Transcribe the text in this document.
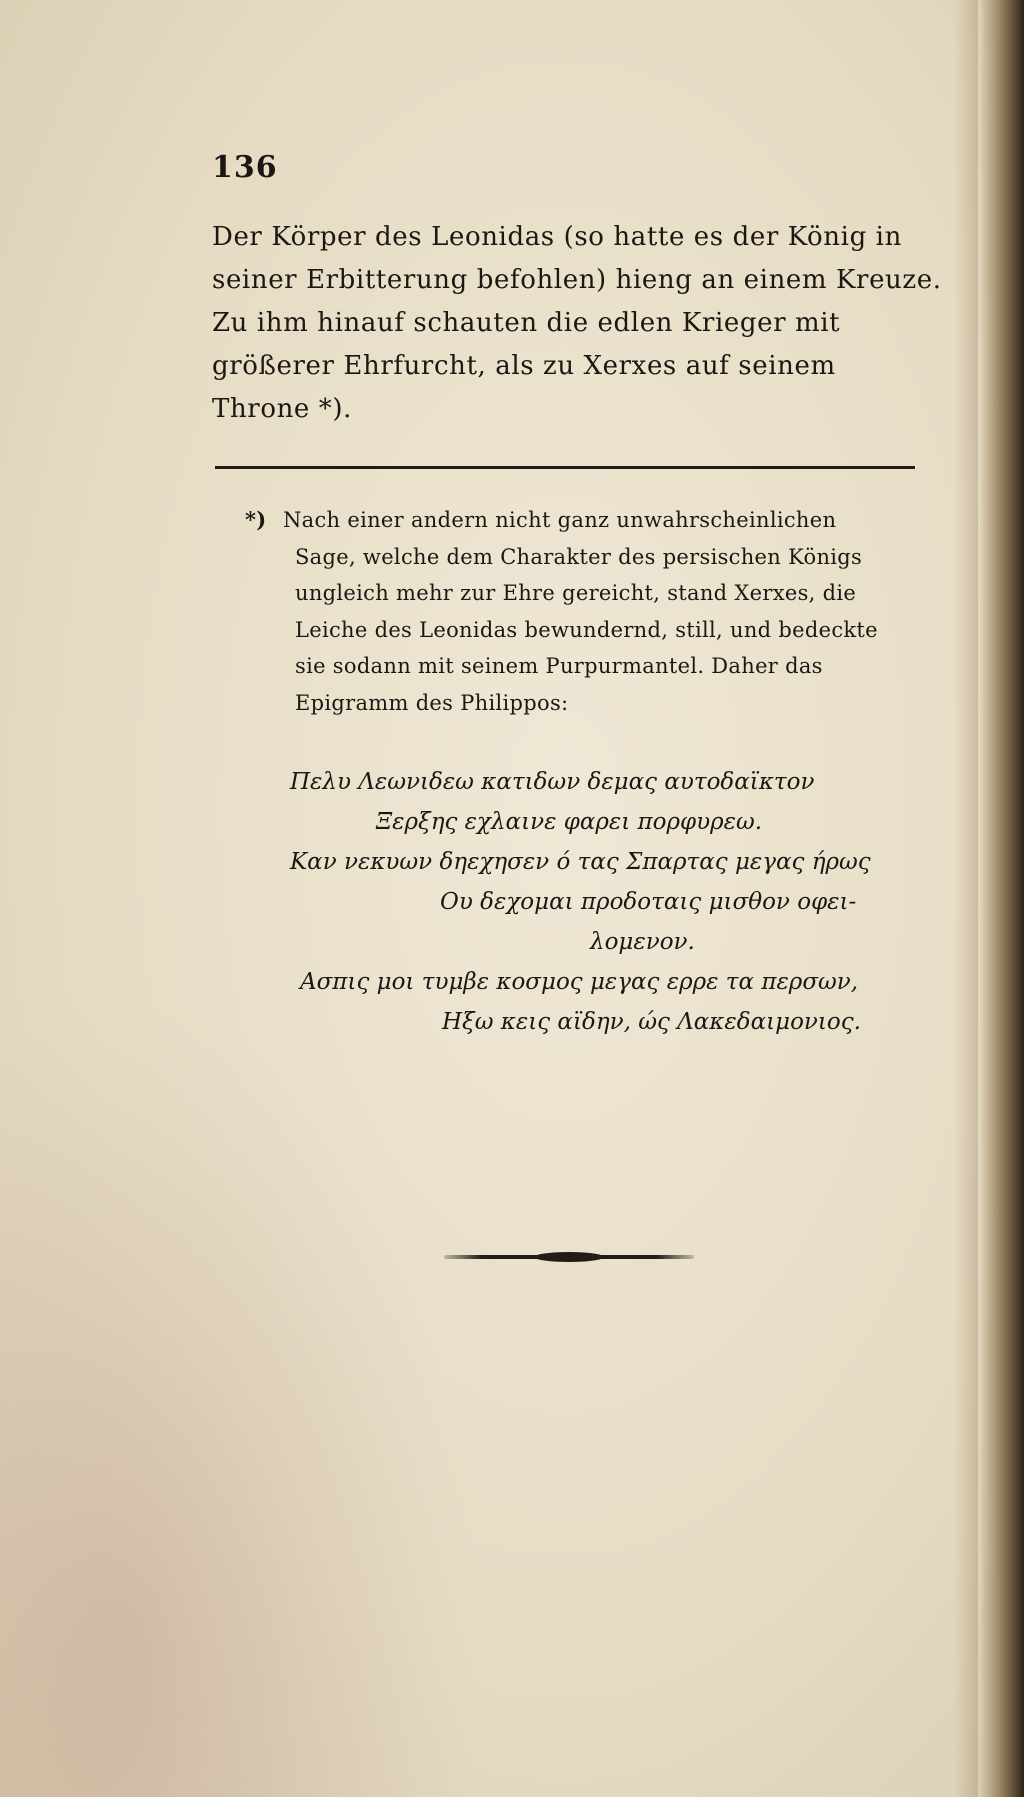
136

Der Körper des Leonidas (so hatte es der König in
seiner Erbitterung befohlen) hieng an einem Kreuze.
Zu ihm hinauf schauten die edlen Krieger mit
größerer Ehrfurcht, als zu Xerxes auf seinem
Throne *).

*) Nach einer andern nicht ganz unwahrscheinlichen
Sage, welche dem Charakter des persischen Königs
ungleich mehr zur Ehre gereicht, stand Xerxes, die
Leiche des Leonidas bewundernd, still, und bedeckte
sie sodann mit seinem Purpurmantel. Daher das
Epigramm des Philippos:

Πελυ Λεωνιδεω κατιδων δεμας αυτοδαϊκτον
Ξερξης εχλαινε φαρει πορφυρεω.
Καν νεκυων δηεχησεν ό τας Σπαρτας μεγας ήρως
Ου δεχομαι προδοταις μισθον οφει-
λομενον.
Ασπις μοι τυμβε κοσμος μεγας ερρε τα περσων,
Ηξω κεις αϊδην, ώς Λακεδαιμονιος.
